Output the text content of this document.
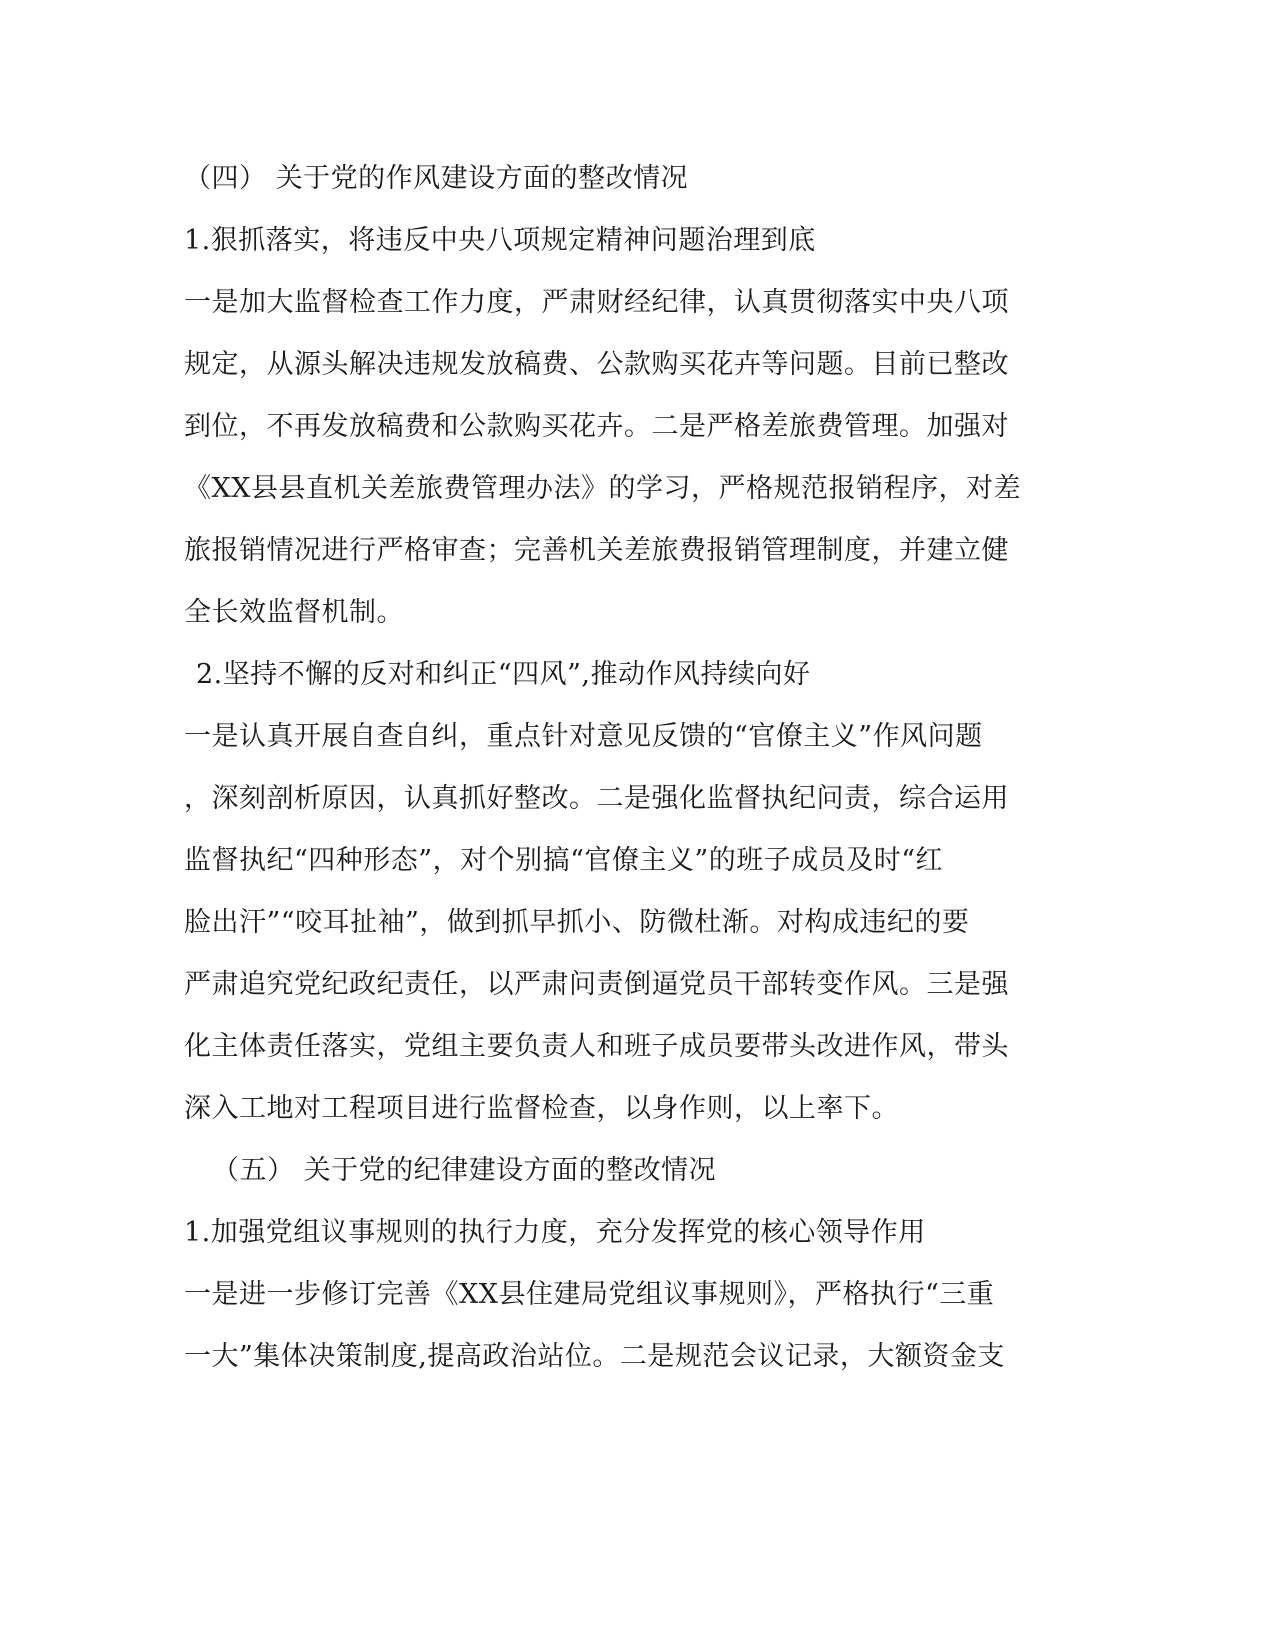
（四） 关于党的作风建设方面的整改情况
1.狠抓落实，将违反中央八项规定精神问题治理到底
一是加大监督检查工作力度，严肃财经纪律，认真贯彻落实中央八项
规定，从源头解决违规发放稿费、公款购买花卉等问题。目前已整改
到位，不再发放稿费和公款购买花卉。二是严格差旅费管理。加强对
《XX县县直机关差旅费管理办法》的学习，严格规范报销程序，对差
旅报销情况进行严格审查；完善机关差旅费报销管理制度，并建立健
全长效监督机制。
2.坚持不懈的反对和纠正“四风”,推动作风持续向好
一是认真开展自查自纠，重点针对意见反馈的“官僚主义”作风问题
，深刻剖析原因，认真抓好整改。二是强化监督执纪问责，综合运用
监督执纪“四种形态”，对个别搞“官僚主义”的班子成员及时“红
脸出汗”“咬耳扯袖”，做到抓早抓小、防微杜渐。对构成违纪的要
严肃追究党纪政纪责任，以严肃问责倒逼党员干部转变作风。三是强
化主体责任落实，党组主要负责人和班子成员要带头改进作风，带头
深入工地对工程项目进行监督检查，以身作则，以上率下。
（五） 关于党的纪律建设方面的整改情况
1.加强党组议事规则的执行力度，充分发挥党的核心领导作用
一是进一步修订完善《XX县住建局党组议事规则》，严格执行“三重
一大”集体决策制度,提高政治站位。二是规范会议记录，大额资金支
